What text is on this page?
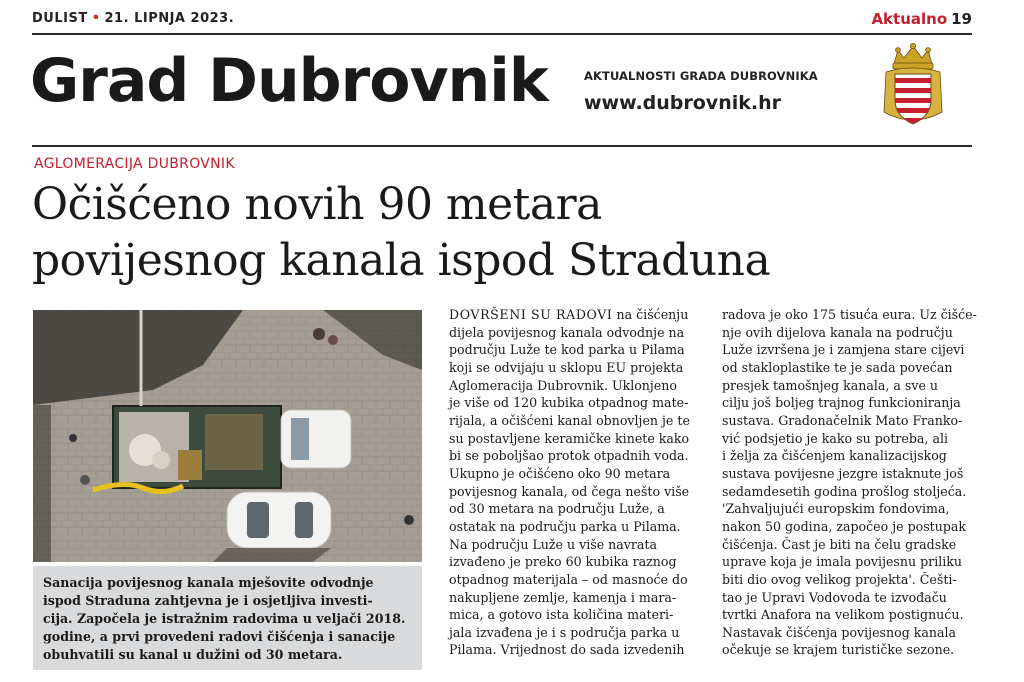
DULIST • 21. LIPNJA 2023.	Aktualno 19
Grad Dubrovnik	AKTUALNOSTI GRADA DUBROVNIKA
www.dubrovnik.hr
AGLOMERACIJA DUBROVNIK
Očišćeno novih 90 metara
povijesnog kanala ispod Straduna
Sanacija povijesnog kanala mješovite odvodnje
ispod Straduna zahtjevna je i osjetljiva investi-
cija. Započela je istražnim radovima u veljači 2018.
godine, a prvi provedeni radovi čišćenja i sanacije
obuhvatili su kanal u dužini od 30 metara.
DOVRŠENI SU RADOVI na čišćenju
dijela povijesnog kanala odvodnje na
području Luže te kod parka u Pilama
koji se odvijaju u sklopu EU projekta
Aglomeracija Dubrovnik. Uklonjeno
je više od 120 kubika otpadnog mate-
rijala, a očišćeni kanal obnovljen je te
su postavljene keramičke kinete kako
bi se poboljšao protok otpadnih voda.
Ukupno je očišćeno oko 90 metara
povijesnog kanala, od čega nešto više
od 30 metara na području Luže, a
ostatak na području parka u Pilama.
Na području Luže u više navrata
izvađeno je preko 60 kubika raznog
otpadnog materijala – od masnoće do
nakupljene zemlje, kamenja i mara-
mica, a gotovo ista količina materi-
jala izvađena je i s područja parka u
Pilama. Vrijednost do sada izvedenih
radova je oko 175 tisuća eura. Uz čišće-
nje ovih dijelova kanala na području
Luže izvršena je i zamjena stare cijevi
od stakloplastike te je sada povećan
presjek tamošnjeg kanala, a sve u
cilju još boljeg trajnog funkcioniranja
sustava. Gradonačelnik Mato Franko-
vić podsjetio je kako su potreba, ali
i želja za čišćenjem kanalizacijskog
sustava povijesne jezgre istaknute još
sedamdesetih godina prošlog stoljeća.
'Zahvaljujući europskim fondovima,
nakon 50 godina, započeo je postupak
čišćenja. Čast je biti na čelu gradske
uprave koja je imala povijesnu priliku
biti dio ovog velikog projekta'. Češti-
tao je Upravi Vodovoda te izvođaču
tvrtki Anafora na velikom postignuću.
Nastavak čišćenja povijesnog kanala
očekuje se krajem turističke sezone.
